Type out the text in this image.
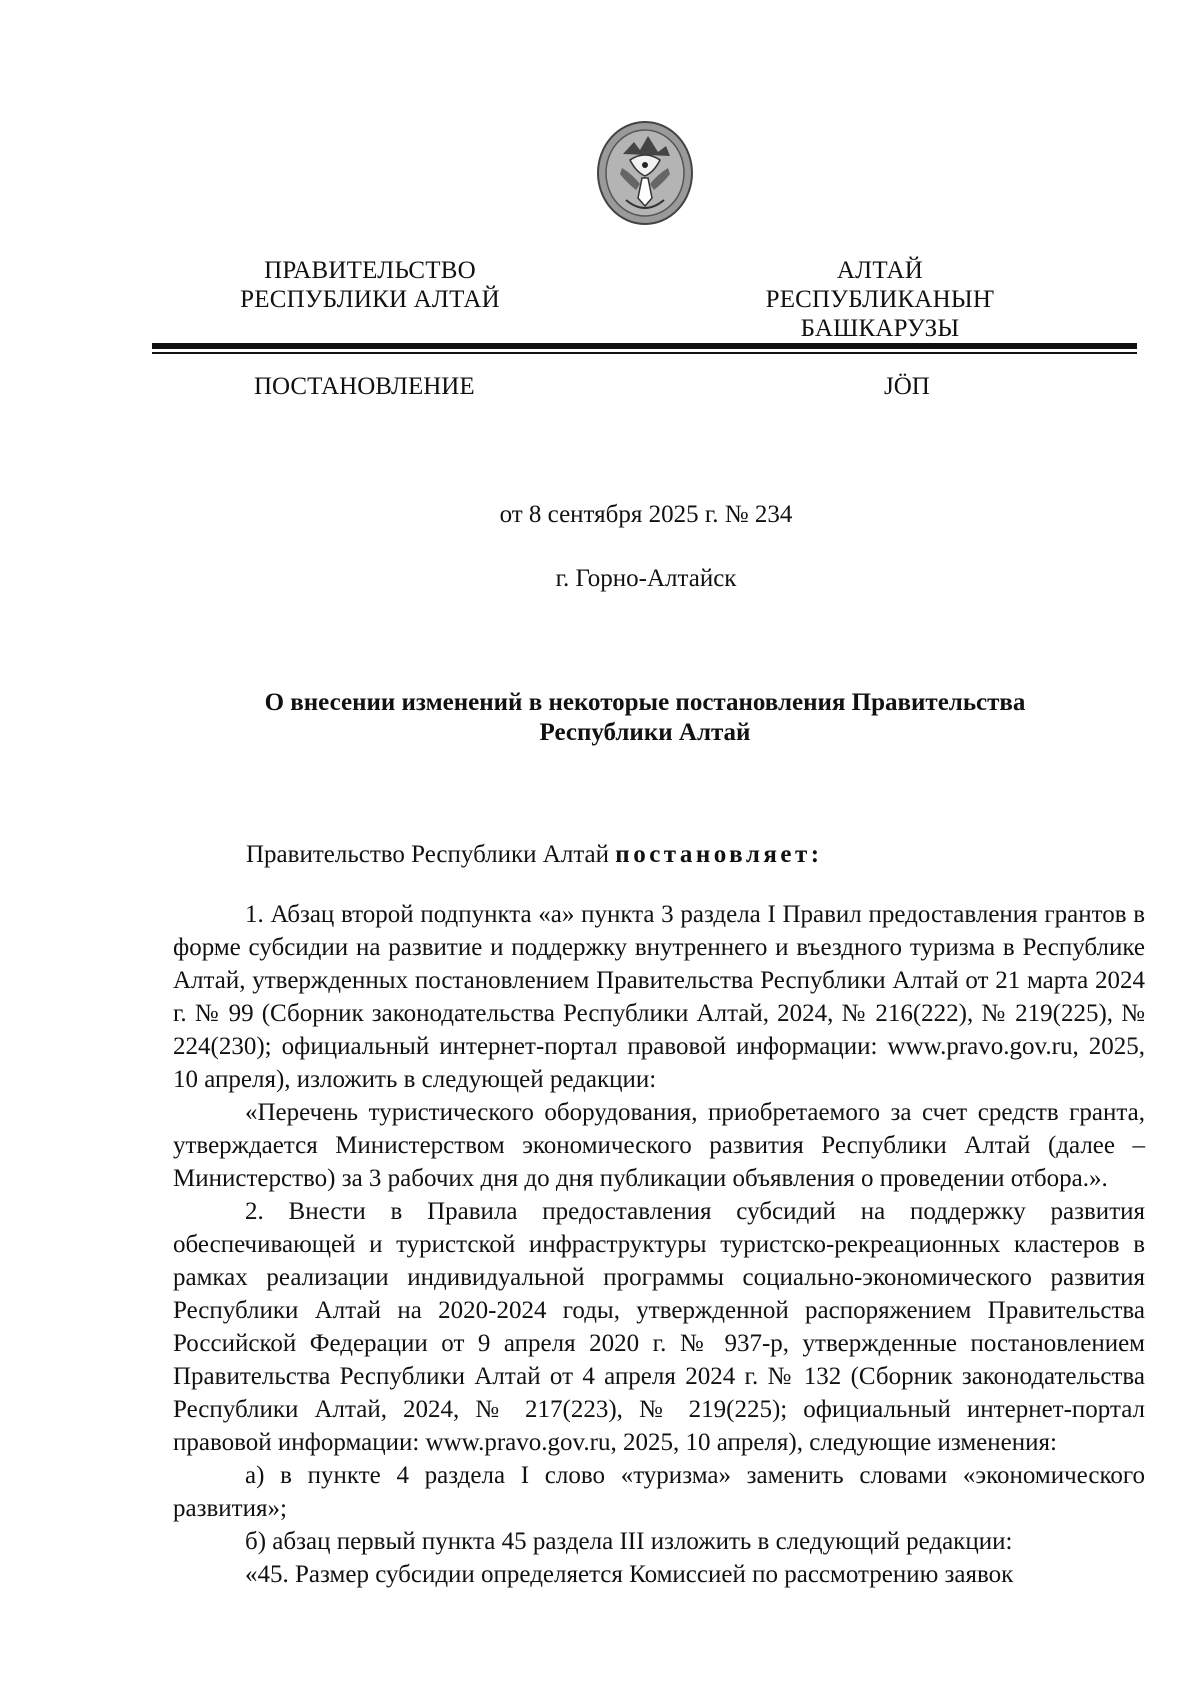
ПРАВИТЕЛЬСТВО
РЕСПУБЛИКИ АЛТАЙ
АЛТАЙ РЕСПУБЛИКАНЫҤ
БАШКАРУЗЫ
ПОСТАНОВЛЕНИЕ	JÖП
от 8 сентября 2025 г. № 234
г. Горно-Алтайск
О внесении изменений в некоторые постановления Правительства
Республики Алтай
Правительство Республики Алтай постановляет:

1. Абзац второй подпункта «а» пункта 3 раздела I Правил предоставления грантов в форме субсидии на развитие и поддержку внутреннего и въездного туризма в Республике Алтай, утвержденных постановлением Правительства Республики Алтай от 21 марта 2024 г. № 99 (Сборник законодательства Республики Алтай, 2024, № 216(222), № 219(225), № 224(230); официальный интернет-портал правовой информации: www.pravo.gov.ru, 2025, 10 апреля), изложить в следующей редакции:

«Перечень туристического оборудования, приобретаемого за счет средств гранта, утверждается Министерством экономического развития Республики Алтай (далее – Министерство) за 3 рабочих дня до дня публикации объявления о проведении отбора.».

2. Внести в Правила предоставления субсидий на поддержку развития обеспечивающей и туристской инфраструктуры туристско-рекреационных кластеров в рамках реализации индивидуальной программы социально-экономического развития Республики Алтай на 2020-2024 годы, утвержденной распоряжением Правительства Российской Федерации от 9 апреля 2020 г. № 937-р, утвержденные постановлением Правительства Республики Алтай от 4 апреля 2024 г. № 132 (Сборник законодательства Республики Алтай, 2024, № 217(223), № 219(225); официальный интернет-портал правовой информации: www.pravo.gov.ru, 2025, 10 апреля), следующие изменения:

а) в пункте 4 раздела I слово «туризма» заменить словами «экономического развития»;

б) абзац первый пункта 45 раздела III изложить в следующий редакции:

«45. Размер субсидии определяется Комиссией по рассмотрению заявок
